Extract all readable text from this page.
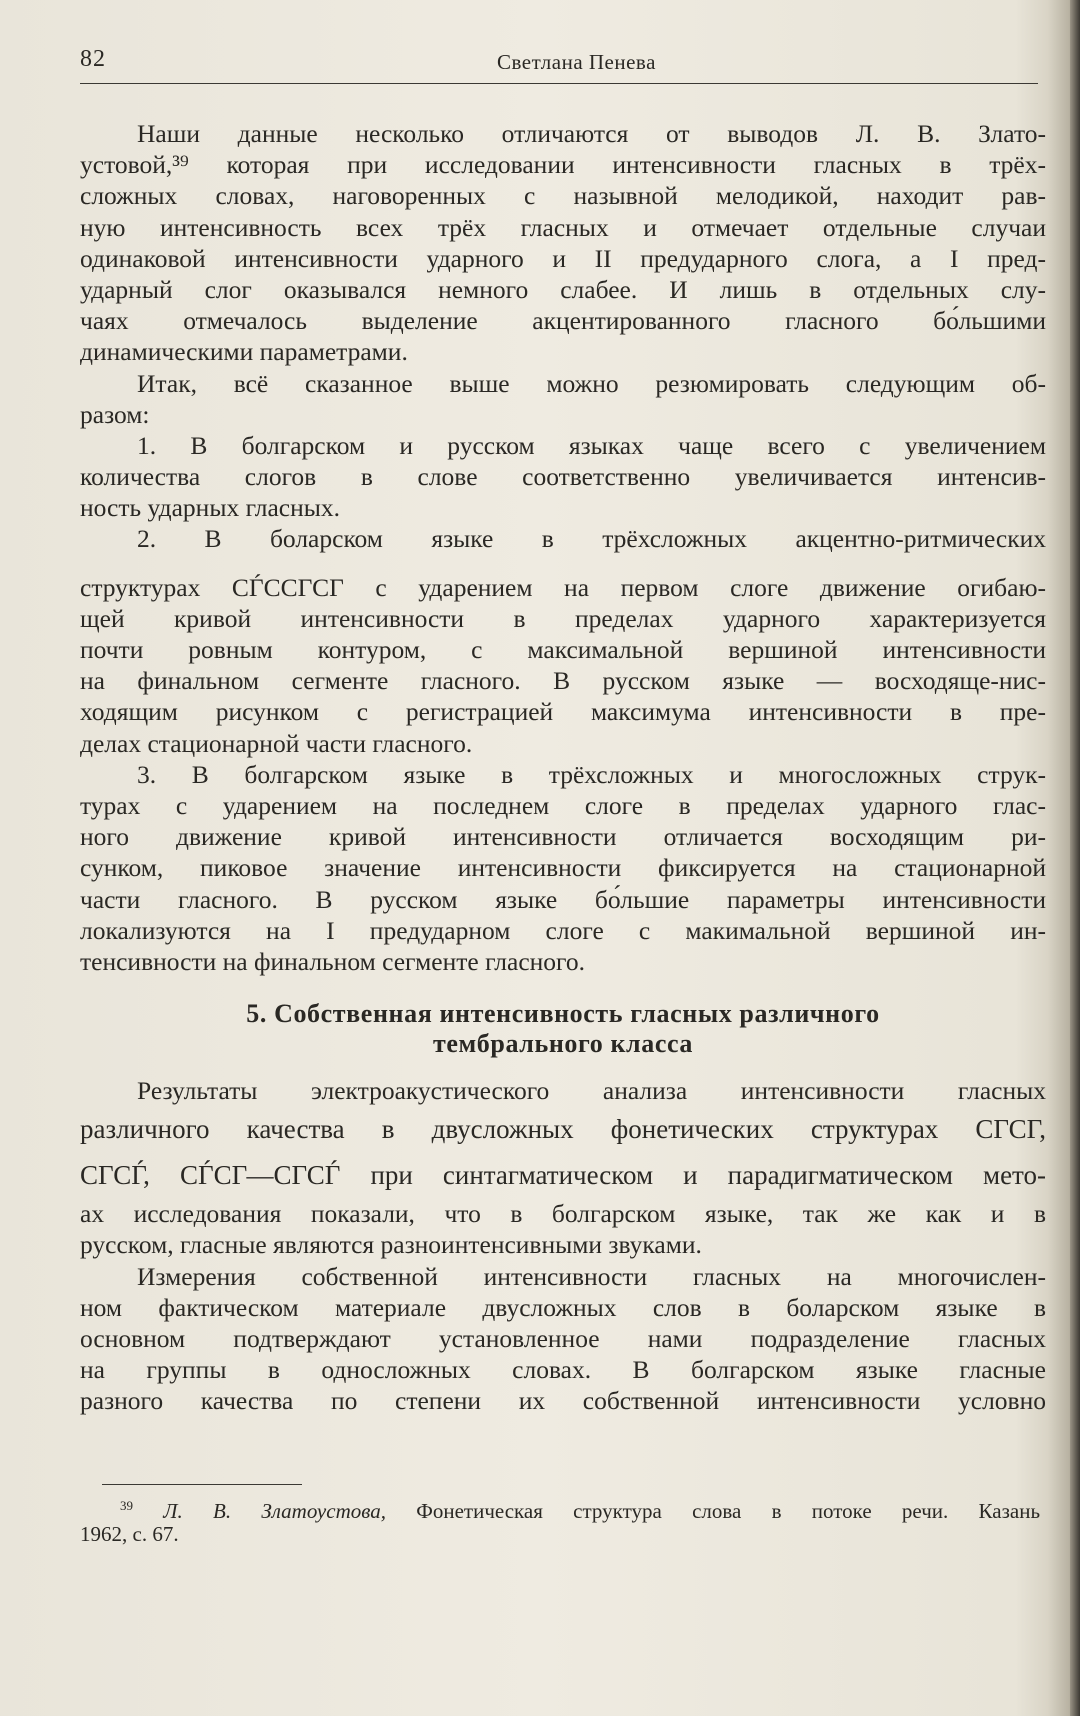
82	Светлана Пенева
Наши данные несколько отличаются от выводов Л. В. Злато-
устовой,³⁹ которая при исследовании интенсивности гласных в трёх-
сложных словах, наговоренных с назывной мелодикой, находит рав-
ную интенсивность всех трёх гласных и отмечает отдельные случаи
одинаковой интенсивности ударного и II предударного слога, а I пред-
ударный слог оказывался немного слабее. И лишь в отдельных слу-
чаях отмечалось выделение акцентированного гласного бо́льшими
динамическими параметрами.
Итак, всё сказанное выше можно резюмировать следующим об-
разом:
1. В болгарском и русском языках чаще всего с увеличением
количества слогов в слове соответственно увеличивается интенсив-
ность ударных гласных.
2. В боларском языке в трёхсложных акцентно-ритмических
структурах СЃССГСГ с ударением на первом слоге движение огибаю-
щей кривой интенсивности в пределах ударного характеризуется
почти ровным контуром, с максимальной вершиной интенсивности
на финальном сегменте гласного. В русском языке — восходяще-нис-
ходящим рисунком с регистрацией максимума интенсивности в пре-
делах стационарной части гласного.
3. В болгарском языке в трёхсложных и многосложных струк-
турах с ударением на последнем слоге в пределах ударного глас-
ного движение кривой интенсивности отличается восходящим ри-
сунком, пиковое значение интенсивности фиксируется на стационарной
части гласного. В русском языке бо́льшие параметры интенсивности
локализуются на I предударном слоге с макимальной вершиной ин-
тенсивности на финальном сегменте гласного.
5. Собственная интенсивность гласных различного
тембрального класса
Результаты электроакустического анализа интенсивности гласных
различного качества в двусложных фонетических структурах СГСГ,
СГСЃ, СЃСГ—СГСЃ при синтагматическом и парадигматическом мето-
ах исследования показали, что в болгарском языке, так же как и в
русском, гласные являются разноинтенсивными звуками.
Измерения собственной интенсивности гласных на многочислен-
ном фактическом материале двусложных слов в боларском языке в
основном подтверждают установленное нами подразделение гласных
на группы в односложных словах. В болгарском языке гласные
разного качества по степени их собственной интенсивности условно
$^{39}$ Л. В. Златоустова, Фонетическая структура слова в потоке речи. Казань
1962, с. 67.
